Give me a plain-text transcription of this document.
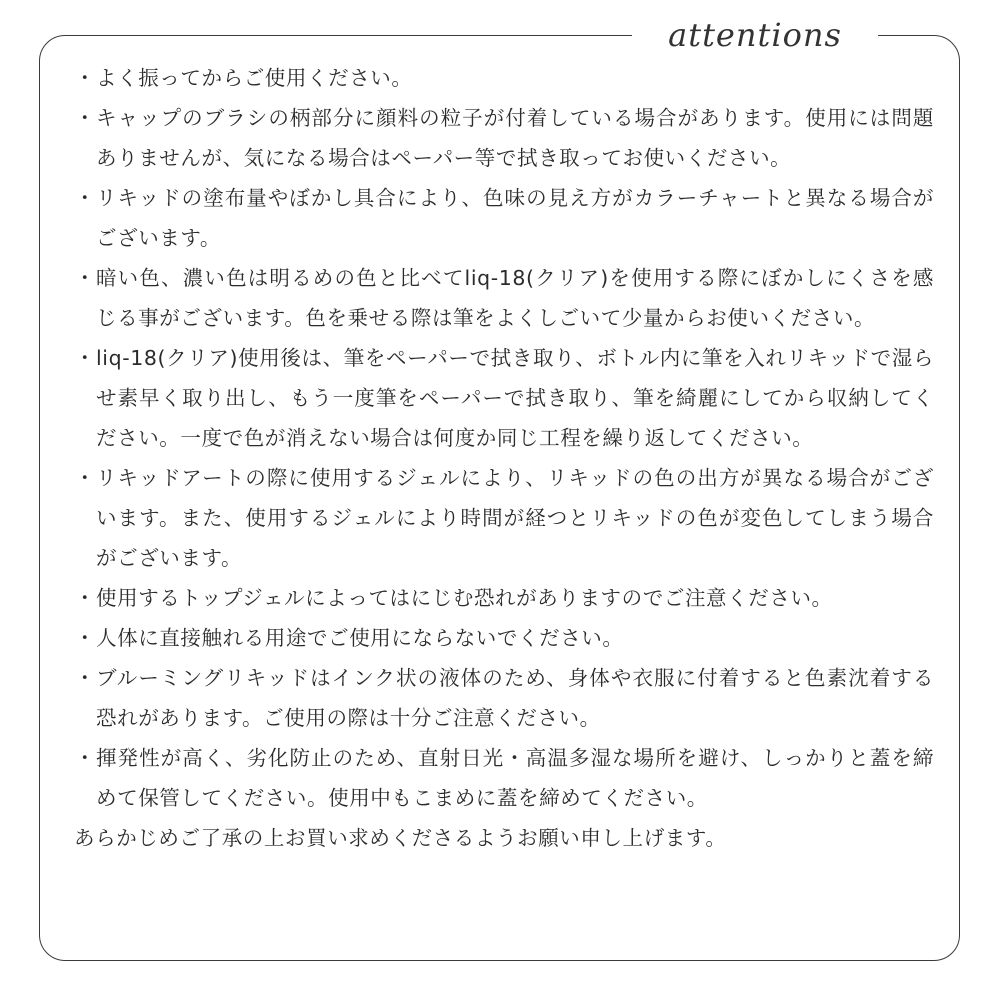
attentions
・ よく振ってからご使用ください。
・ キャップのブラシの柄部分に顔料の粒子が付着している場合があります。使用には問題ありませんが、気になる場合はペーパー等で拭き取ってお使いください。
・ リキッドの塗布量やぼかし具合により、色味の見え方がカラーチャートと異なる場合がございます。
・ 暗い色、濃い色は明るめの色と比べてliq-18(クリア)を使用する際にぼかしにくさを感じる事がございます。色を乗せる際は筆をよくしごいて少量からお使いください。
・ liq-18(クリア)使用後は、筆をペーパーで拭き取り、ボトル内に筆を入れリキッドで湿らせ素早く取り出し、もう一度筆をペーパーで拭き取り、筆を綺麗にしてから収納してください。一度で色が消えない場合は何度か同じ工程を繰り返してください。
・ リキッドアートの際に使用するジェルにより、リキッドの色の出方が異なる場合がございます。また、使用するジェルにより時間が経つとリキッドの色が変色してしまう場合がございます。
・ 使用するトップジェルによってはにじむ恐れがありますのでご注意ください。
・ 人体に直接触れる用途でご使用にならないでください。
・ ブルーミングリキッドはインク状の液体のため、身体や衣服に付着すると色素沈着する恐れがあります。ご使用の際は十分ご注意ください。
・ 揮発性が高く、劣化防止のため、直射日光・高温多湿な場所を避け、しっかりと蓋を締めて保管してください。使用中もこまめに蓋を締めてください。
あらかじめご了承の上お買い求めくださるようお願い申し上げます。
